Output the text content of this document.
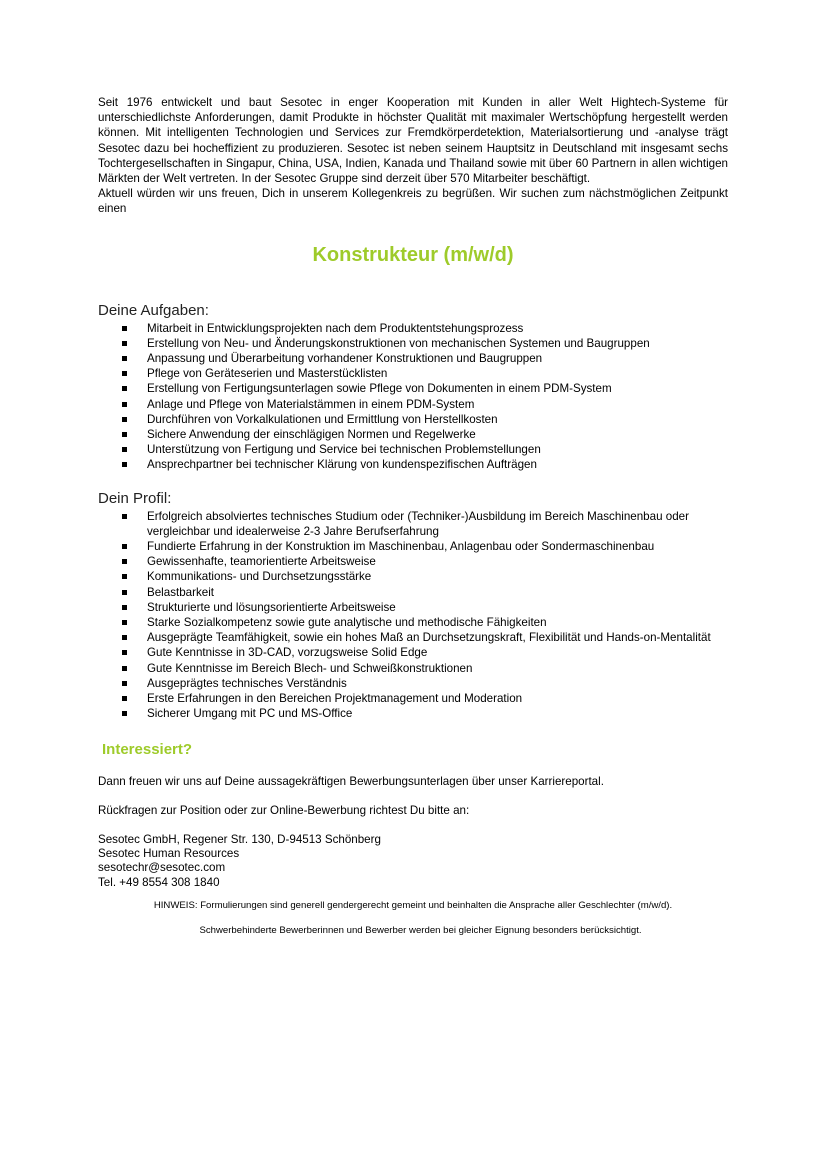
Seit 1976 entwickelt und baut Sesotec in enger Kooperation mit Kunden in aller Welt Hightech-Systeme für unterschiedlichste Anforderungen, damit Produkte in höchster Qualität mit maximaler Wertschöpfung hergestellt werden können. Mit intelligenten Technologien und Services zur Fremdkörperdetektion, Materialsortierung und -analyse trägt Sesotec dazu bei hocheffizient zu produzieren. Sesotec ist neben seinem Hauptsitz in Deutschland mit insgesamt sechs Tochtergesellschaften in Singapur, China, USA, Indien, Kanada und Thailand sowie mit über 60 Partnern in allen wichtigen Märkten der Welt vertreten. In der Sesotec Gruppe sind derzeit über 570 Mitarbeiter beschäftigt.

Aktuell würden wir uns freuen, Dich in unserem Kollegenkreis zu begrüßen. Wir suchen zum nächstmöglichen Zeitpunkt einen

Konstrukteur (m/w/d)
Deine Aufgaben:
Mitarbeit in Entwicklungsprojekten nach dem Produktentstehungsprozess
Erstellung von Neu- und Änderungskonstruktionen von mechanischen Systemen und Baugruppen
Anpassung und Überarbeitung vorhandener Konstruktionen und Baugruppen
Pflege von Geräteserien und Masterstücklisten
Erstellung von Fertigungsunterlagen sowie Pflege von Dokumenten in einem PDM-System
Anlage und Pflege von Materialstämmen in einem PDM-System
Durchführen von Vorkalkulationen und Ermittlung von Herstellkosten
Sichere Anwendung der einschlägigen Normen und Regelwerke
Unterstützung von Fertigung und Service bei technischen Problemstellungen
Ansprechpartner bei technischer Klärung von kundenspezifischen Aufträgen
Dein Profil:
Erfolgreich absolviertes technisches Studium oder (Techniker-)Ausbildung im Bereich Maschinenbau oder vergleichbar und idealerweise 2-3 Jahre Berufserfahrung
Fundierte Erfahrung in der Konstruktion im Maschinenbau, Anlagenbau oder Sondermaschinenbau
Gewissenhafte, teamorientierte Arbeitsweise
Kommunikations- und Durchsetzungsstärke
Belastbarkeit
Strukturierte und lösungsorientierte Arbeitsweise
Starke Sozialkompetenz sowie gute analytische und methodische Fähigkeiten
Ausgeprägte Teamfähigkeit, sowie ein hohes Maß an Durchsetzungskraft, Flexibilität und Hands-on-Mentalität
Gute Kenntnisse in 3D-CAD, vorzugsweise Solid Edge
Gute Kenntnisse im Bereich Blech- und Schweißkonstruktionen
Ausgeprägtes technisches Verständnis
Erste Erfahrungen in den Bereichen Projektmanagement und Moderation
Sicherer Umgang mit PC und MS-Office
Interessiert?

Dann freuen wir uns auf Deine aussagekräftigen Bewerbungsunterlagen über unser Karriereportal.

Rückfragen zur Position oder zur Online-Bewerbung richtest Du bitte an:

Sesotec GmbH, Regener Str. 130, D-94513 Schönberg

Sesotec Human Resources

sesotechr@sesotec.com

Tel. +49 8554 308 1840

HINWEIS: Formulierungen sind generell gendergerecht gemeint und beinhalten die Ansprache aller Geschlechter (m/w/d).

Schwerbehinderte Bewerberinnen und Bewerber werden bei gleicher Eignung besonders berücksichtigt.
